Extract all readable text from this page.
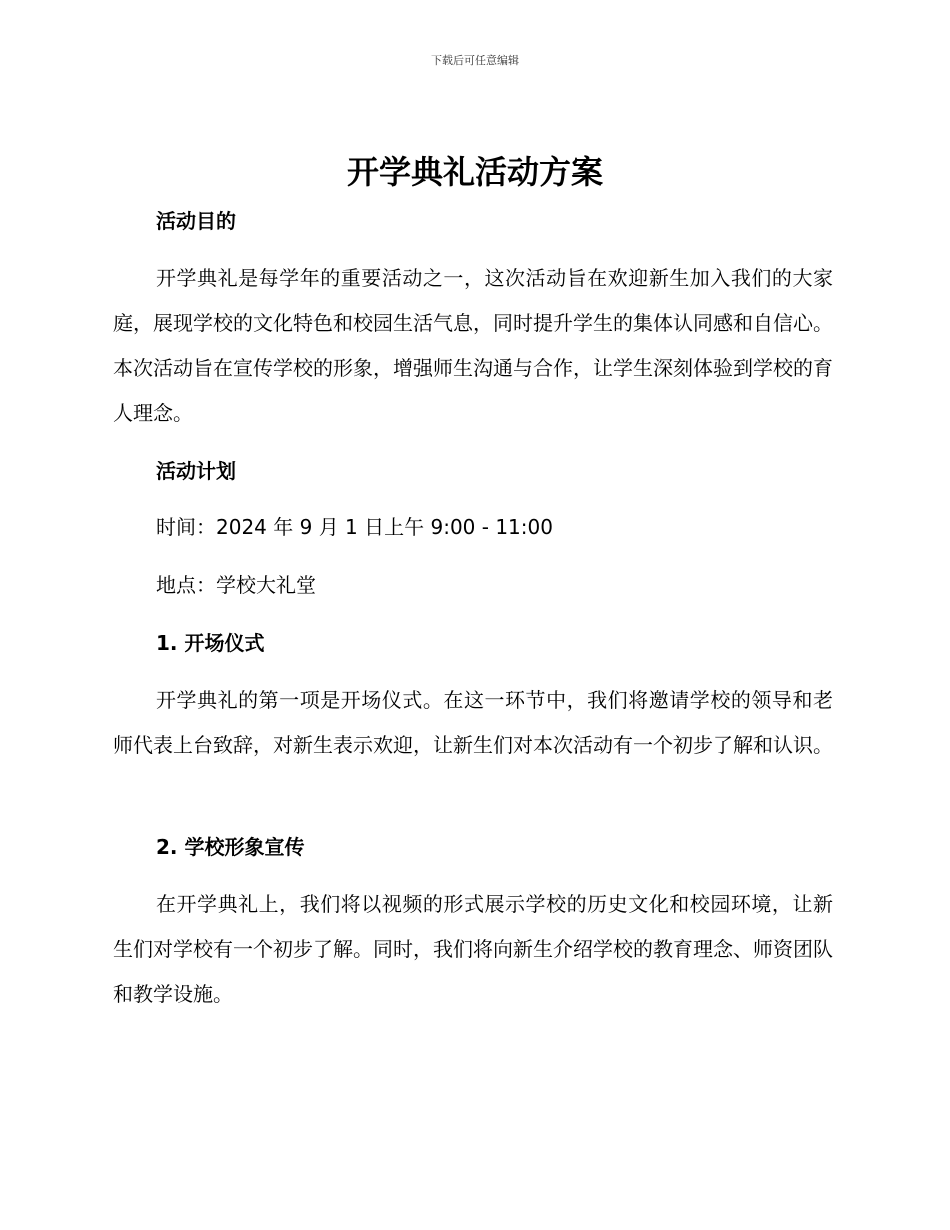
下载后可任意编辑
开学典礼活动方案
活动目的

开学典礼是每学年的重要活动之一，这次活动旨在欢迎新生加入我们的大家庭，展现学校的文化特色和校园生活气息，同时提升学生的集体认同感和自信心。本次活动旨在宣传学校的形象，增强师生沟通与合作，让学生深刻体验到学校的育人理念。

活动计划
时间：2024 年 9 月 1 日上午 9:00 - 11:00
地点：学校大礼堂
1. 开场仪式

开学典礼的第一项是开场仪式。在这一环节中，我们将邀请学校的领导和老师代表上台致辞，对新生表示欢迎，让新生们对本次活动有一个初步了解和认识。

2. 学校形象宣传

在开学典礼上，我们将以视频的形式展示学校的历史文化和校园环境，让新生们对学校有一个初步了解。同时，我们将向新生介绍学校的教育理念、师资团队和教学设施。
